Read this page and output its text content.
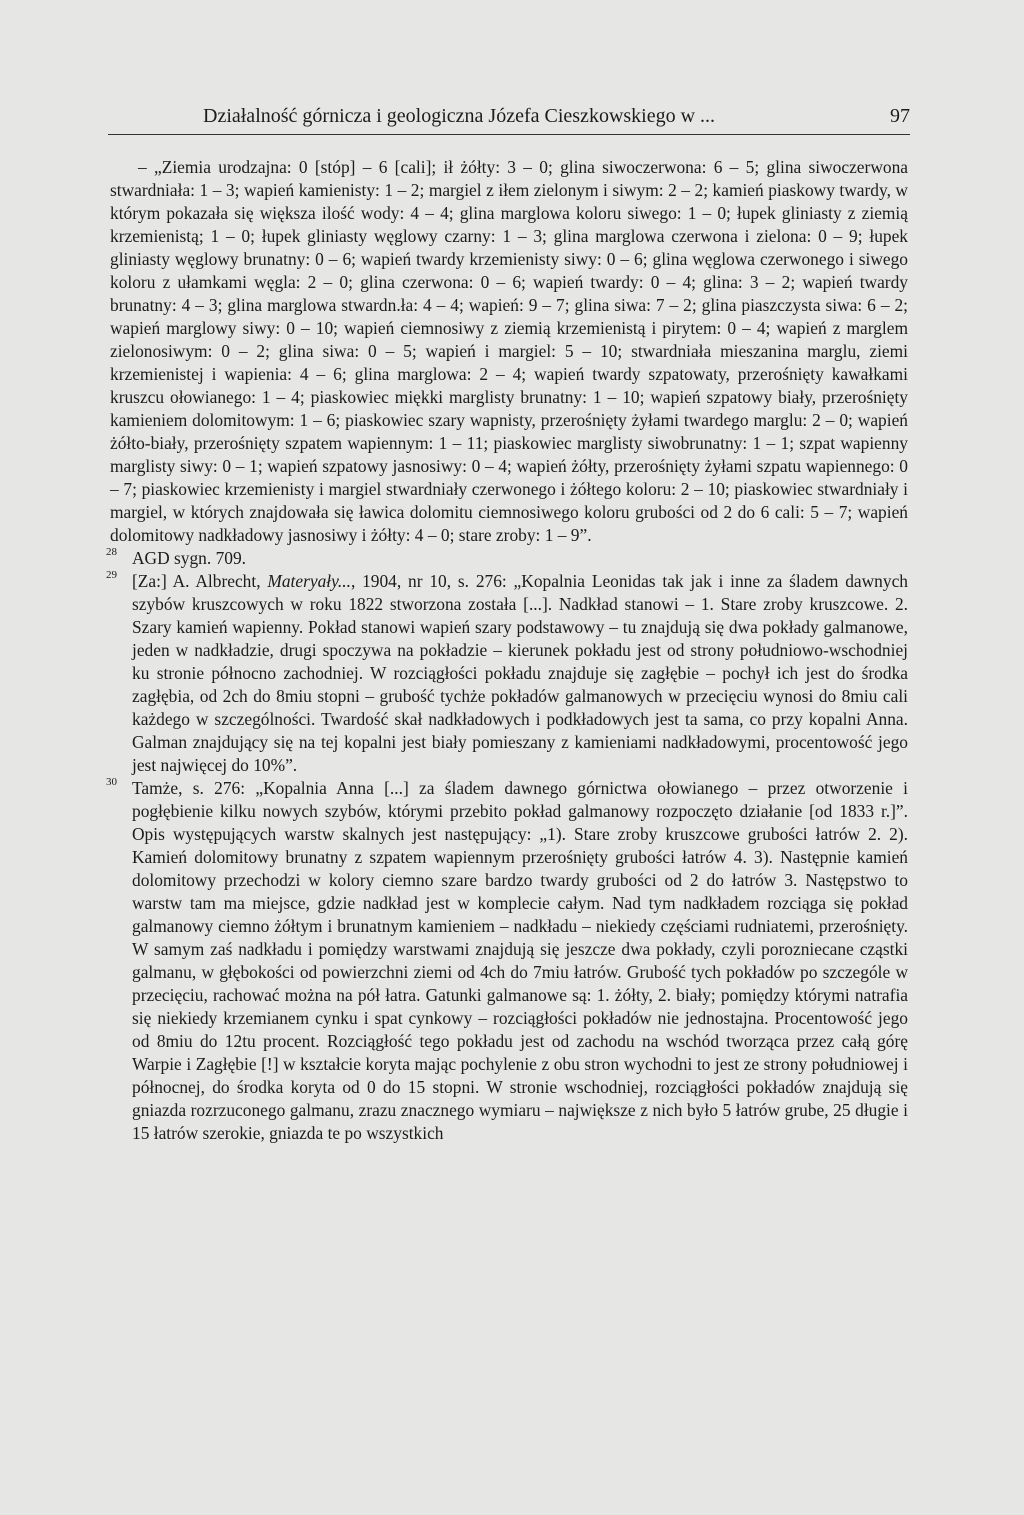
Działalność górnicza i geologiczna Józefa Cieszkowskiego w ...	97

– „Ziemia urodzajna: 0 [stóp] – 6 [cali]; ił żółty: 3 – 0; glina siwoczerwona: 6 – 5; glina siwoczerwona stwardniała: 1 – 3; wapień kamienisty: 1 – 2; margiel z iłem zielonym i siwym: 2 – 2; kamień piaskowy twardy, w którym pokazała się większa ilość wody: 4 – 4; glina marglowa koloru siwego: 1 – 0; łupek gliniasty z ziemią krzemienistą; 1 – 0; łupek gliniasty węglowy czarny: 1 – 3; glina marglowa czerwona i zielona: 0 – 9; łupek gliniasty węglowy brunatny: 0 – 6; wapień twardy krzemienisty siwy: 0 – 6; glina węglowa czerwonego i siwego koloru z ułamkami węgla: 2 – 0; glina czerwona: 0 – 6; wapień twardy: 0 – 4; glina: 3 – 2; wapień twardy brunatny: 4 – 3; glina marglowa stwardn.ła: 4 – 4; wapień: 9 – 7; glina siwa: 7 – 2; glina piaszczysta siwa: 6 – 2; wapień marglowy siwy: 0 – 10; wapień ciemnosiwy z ziemią krzemienistą i pirytem: 0 – 4; wapień z marglem zielonosiwym: 0 – 2; glina siwa: 0 – 5; wapień i margiel: 5 – 10; stwardniała mieszanina marglu, ziemi krzemienistej i wapienia: 4 – 6; glina marglowa: 2 – 4; wapień twardy szpatowaty, przerośnięty kawałkami kruszcu ołowianego: 1 – 4; piaskowiec miękki marglisty brunatny: 1 – 10; wapień szpatowy biały, przerośnięty kamieniem dolomitowym: 1 – 6; piaskowiec szary wapnisty, przerośnięty żyłami twardego marglu: 2 – 0; wapień żółto-biały, przerośnięty szpatem wapiennym: 1 – 11; piaskowiec marglisty siwobrunatny: 1 – 1; szpat wapienny marglisty siwy: 0 – 1; wapień szpatowy jasnosiwy: 0 – 4; wapień żółty, przerośnięty żyłami szpatu wapiennego: 0 – 7; piaskowiec krzemienisty i margiel stwardniały czerwonego i żółtego koloru: 2 – 10; piaskowiec stwardniały i margiel, w których znajdowała się ławica dolomitu ciemnosiwego koloru grubości od 2 do 6 cali: 5 – 7; wapień dolomitowy nadkładowy jasnosiwy i żółty: 4 – 0; stare zroby: 1 – 9”.

28 AGD sygn. 709.

29 [Za:] A. Albrecht, Materyały..., 1904, nr 10, s. 276: „Kopalnia Leonidas tak jak i inne za śladem dawnych szybów kruszcowych w roku 1822 stworzona została [...]. Nadkład stanowi – 1. Stare zroby kruszcowe. 2. Szary kamień wapienny. Pokład stanowi wapień szary podstawowy – tu znajdują się dwa pokłady galmanowe, jeden w nadkładzie, drugi spoczywa na pokładzie – kierunek pokładu jest od strony południowo-wschodniej ku stronie północno zachodniej. W rozciągłości pokładu znajduje się zagłębie – pochył ich jest do środka zagłębia, od 2ch do 8miu stopni – grubość tychże pokładów galmanowych w przecięciu wynosi do 8miu cali każdego w szczególności. Twardość skał nadkładowych i podkładowych jest ta sama, co przy kopalni Anna. Galman znajdujący się na tej kopalni jest biały pomieszany z kamieniami nadkładowymi, procentowość jego jest najwięcej do 10%”.

30 Tamże, s. 276: „Kopalnia Anna [...] za śladem dawnego górnictwa ołowianego – przez otworzenie i pogłębienie kilku nowych szybów, którymi przebito pokład galmanowy rozpoczęto działanie [od 1833 r.]”. Opis występujących warstw skalnych jest następujący: „1). Stare zroby kruszcowe grubości łatrów 2. 2). Kamień dolomitowy brunatny z szpatem wapiennym przerośnięty grubości łatrów 4. 3). Następnie kamień dolomitowy przechodzi w kolory ciemno szare bardzo twardy grubości od 2 do łatrów 3. Następstwo to warstw tam ma miejsce, gdzie nadkład jest w komplecie całym. Nad tym nadkładem rozciąga się pokład galmanowy ciemno żółtym i brunatnym kamieniem – nadkładu – niekiedy częściami rudniatemi, przerośnięty. W samym zaś nadkładu i pomiędzy warstwami znajdują się jeszcze dwa pokłady, czyli porozniecane cząstki galmanu, w głębokości od powierzchni ziemi od 4ch do 7miu łatrów. Grubość tych pokładów po szczególe w przecięciu, rachować można na pół łatra. Gatunki galmanowe są: 1. żółty, 2. biały; pomiędzy którymi natrafia się niekiedy krzemianem cynku i spat cynkowy – rozciągłości pokładów nie jednostajna. Procentowość jego od 8miu do 12tu procent. Rozciągłość tego pokładu jest od zachodu na wschód tworząca przez całą górę Warpie i Zagłębie [!] w kształcie koryta mając pochylenie z obu stron wychodni to jest ze strony południowej i północnej, do środka koryta od 0 do 15 stopni. W stronie wschodniej, rozciągłości pokładów znajdują się gniazda rozrzuconego galmanu, zrazu znacznego wymiaru – największe z nich było 5 łatrów grube, 25 długie i 15 łatrów szerokie, gniazda te po wszystkich
